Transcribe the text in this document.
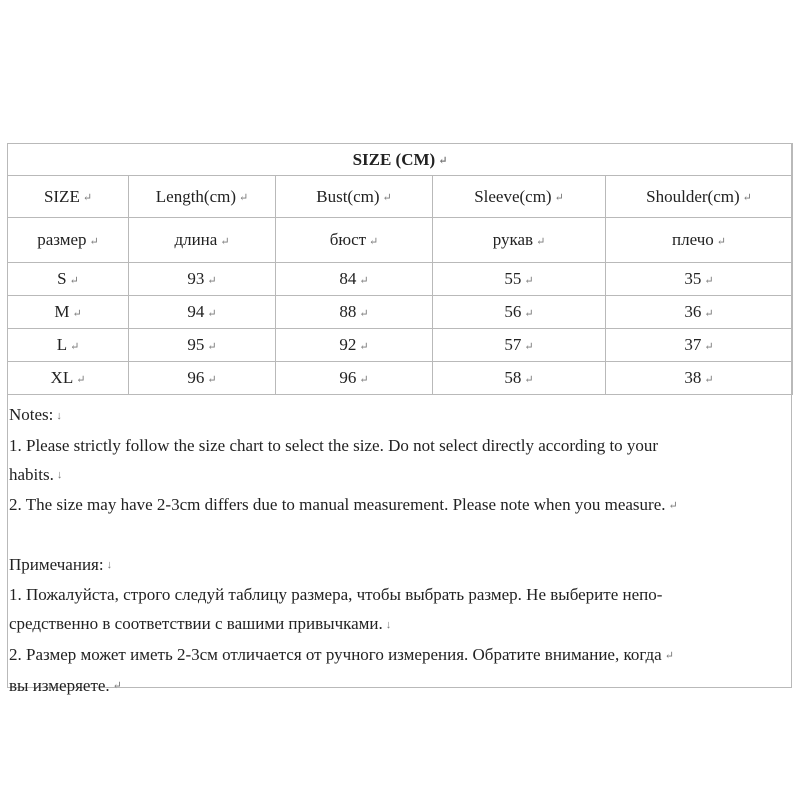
SIZE (CM) ↵				
SIZE ↵	Length(cm) ↵	Bust(cm) ↵	Sleeve(cm) ↵	Shoulder(cm) ↵
размер ↵	длина ↵	бюст ↵	рукав ↵	плечо ↵
S ↵	93 ↵	84 ↵	55 ↵	35 ↵
M ↵	94 ↵	88 ↵	56 ↵	36 ↵
L ↵	95 ↵	92 ↵	57 ↵	37 ↵
XL ↵	96 ↵	96 ↵	58 ↵	38 ↵

Notes: ↓

1. Please strictly follow the size chart to select the size. Do not select directly according to your

habits. ↓

2. The size may have 2-3cm differs due to manual measurement. Please note when you measure. ↵

Примечания: ↓

1. Пожалуйста, строго следуй таблицу размера, чтобы выбрать размер. Не выберите непо-

средственно в соответствии с вашими привычками. ↓

2. Размер может иметь 2-3см отличается от ручного измерения. Обратите внимание, когда ↵

вы измеряете. ↵
